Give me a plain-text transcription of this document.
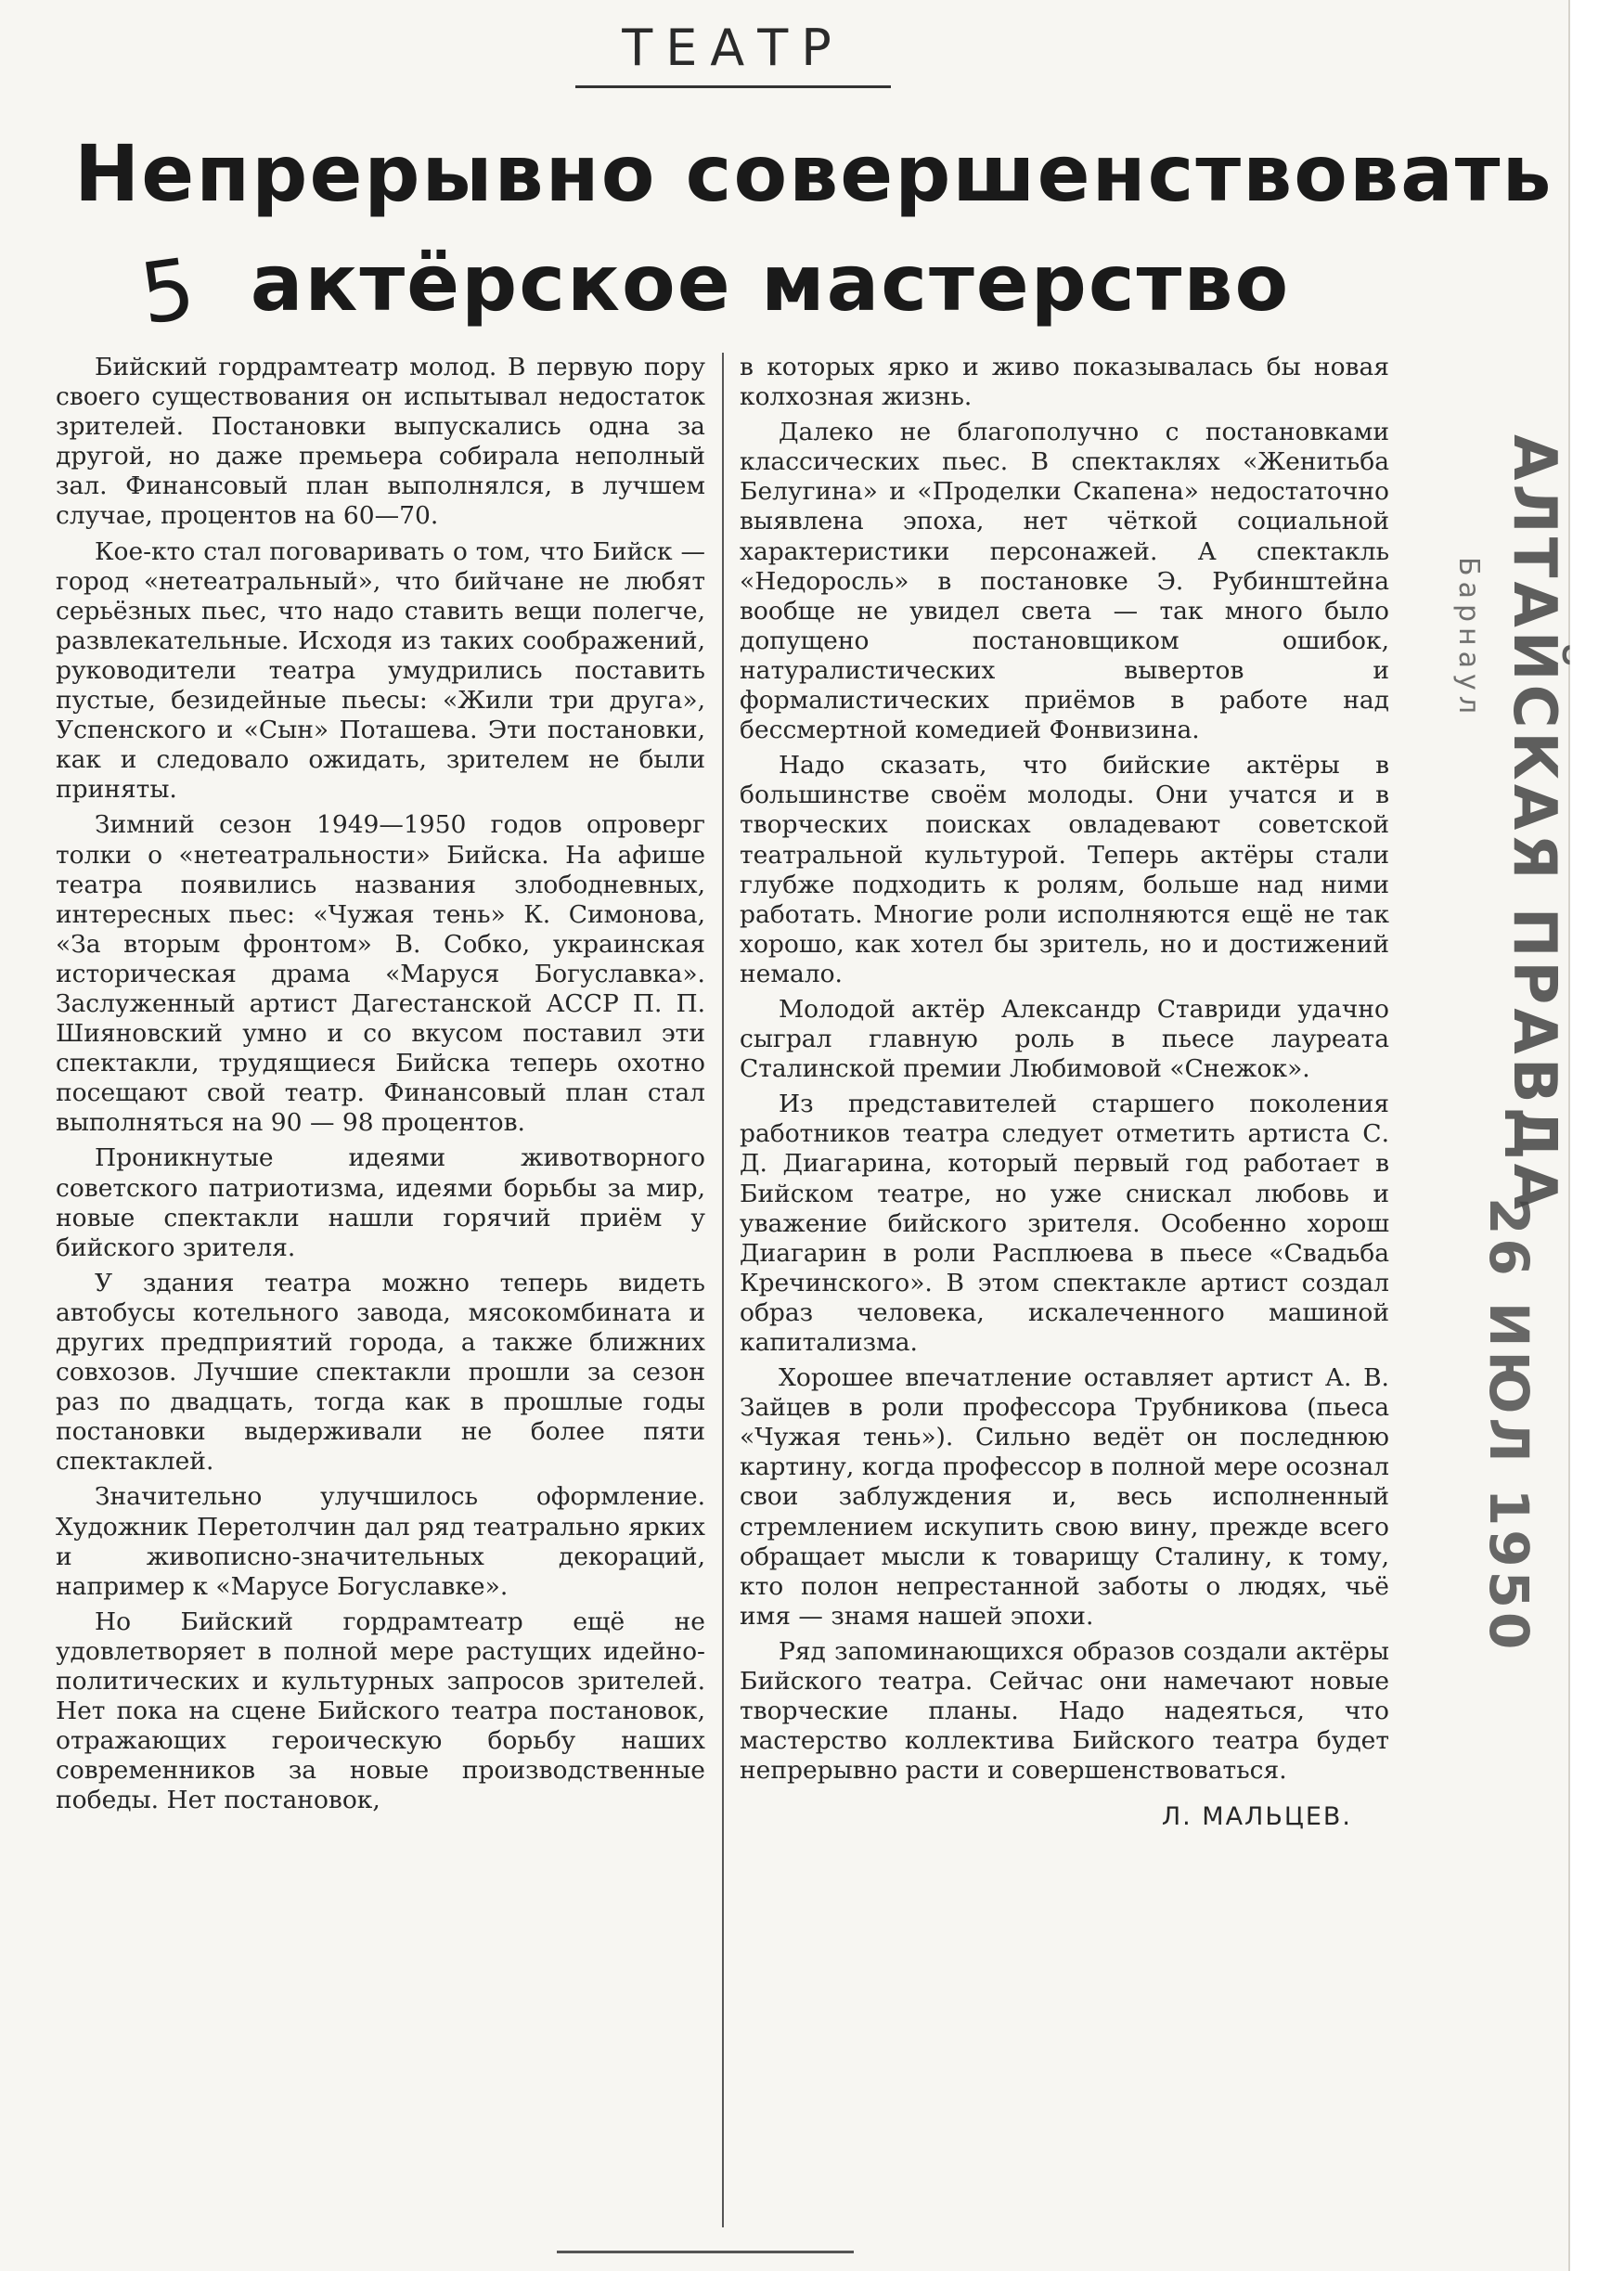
ТЕАТР
Непрерывно совершенствовать
актёрское мастерство
5

Бийский гордрамтеатр молод. В первую пору своего существования он испытывал недостаток зрителей. Постановки выпускались одна за другой, но даже премьера собирала неполный зал. Финансовый план выполнялся, в лучшем случае, процентов на 60—70.

Кое-кто стал поговаривать о том, что Бийск — город «нетеатральный», что бийчане не любят серьёзных пьес, что надо ставить вещи полегче, развлекательные. Исходя из таких соображений, руководители театра умудрились поставить пустые, безидейные пьесы: «Жили три друга», Успенского и «Сын» Поташева. Эти постановки, как и следовало ожидать, зрителем не были приняты.

Зимний сезон 1949—1950 годов опроверг толки о «нетеатральности» Бийска. На афише театра появились названия злободневных, интересных пьес: «Чужая тень» К. Симонова, «За вторым фронтом» В. Собко, украинская историческая драма «Маруся Богуславка». Заслуженный артист Дагестанской АССР П. П. Шияновский умно и со вкусом поставил эти спектакли, трудящиеся Бийска теперь охотно посещают свой театр. Финансовый план стал выполняться на 90 — 98 процентов.

Проникнутые идеями животворного советского патриотизма, идеями борьбы за мир, новые спектакли нашли горячий приём у бийского зрителя.

У здания театра можно теперь видеть автобусы котельного завода, мясокомбината и других предприятий города, а также ближних совхозов. Лучшие спектакли прошли за сезон раз по двадцать, тогда как в прошлые годы постановки выдерживали не более пяти спектаклей.

Значительно улучшилось оформление. Художник Перетолчин дал ряд театрально ярких и живописно-значительных декораций, например к «Марусе Богуславке».

Но Бийский гордрамтеатр ещё не удовлетворяет в полной мере растущих идейно-политических и культурных запросов зрителей. Нет пока на сцене Бийского театра постановок, отражающих героическую борьбу наших современников за новые производственные победы. Нет постановок,

в которых ярко и живо показывалась бы новая колхозная жизнь.

Далеко не благополучно с постановками классических пьес. В спектаклях «Женитьба Белугина» и «Проделки Скапена» недостаточно выявлена эпоха, нет чёткой социальной характеристики персонажей. А спектакль «Недоросль» в постановке Э. Рубинштейна вообще не увидел света — так много было допущено постановщиком ошибок, натуралистических вывертов и формалистических приёмов в работе над бессмертной комедией Фонвизина.

Надо сказать, что бийские актёры в большинстве своём молоды. Они учатся и в творческих поисках овладевают советской театральной культурой. Теперь актёры стали глубже подходить к ролям, больше над ними работать. Многие роли исполняются ещё не так хорошо, как хотел бы зритель, но и достижений немало.

Молодой актёр Александр Ставриди удачно сыграл главную роль в пьесе лауреата Сталинской премии Любимовой «Снежок».

Из представителей старшего поколения работников театра следует отметить артиста С. Д. Диагарина, который первый год работает в Бийском театре, но уже снискал любовь и уважение бийского зрителя. Особенно хорош Диагарин в роли Расплюева в пьесе «Свадьба Кречинского». В этом спектакле артист создал образ человека, искалеченного машиной капитализма.

Хорошее впечатление оставляет артист А. В. Зайцев в роли профессора Трубникова (пьеса «Чужая тень»). Сильно ведёт он последнюю картину, когда профессор в полной мере осознал свои заблуждения и, весь исполненный стремлением искупить свою вину, прежде всего обращает мысли к товарищу Сталину, к тому, кто полон непрестанной заботы о людях, чьё имя — знамя нашей эпохи.

Ряд запоминающихся образов создали актёры Бийского театра. Сейчас они намечают новые творческие планы. Надо надеяться, что мастерство коллектива Бийского театра будет непрерывно расти и совершенствоваться.

Л. МАЛЬЦЕВ.
АЛТАЙСКАЯ ПРАВДА
Барнаул
26 ИЮЛ 1950
